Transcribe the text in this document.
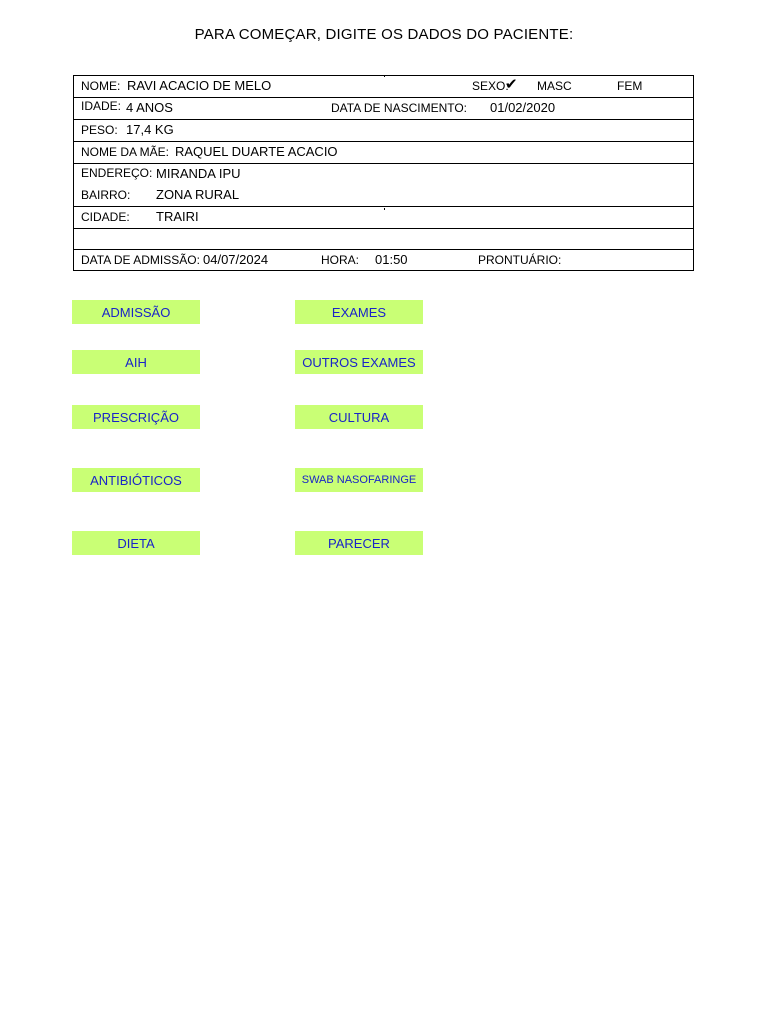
PARA COMEÇAR, DIGITE OS DADOS DO PACIENTE:
NOME: RAVI ACACIO DE MELO	SEXO:
✔ MASC	FEM
IDADE: 4 ANOS	DATA DE NASCIMENTO: 01/02/2020
PESO: 17,4 KG
NOME DA MÃE: RAQUEL DUARTE ACACIO
ENDEREÇO: MIRANDA IPU
BAIRRO: ZONA RURAL
CIDADE: TRAIRI
DATA DE ADMISSÃO: 04/07/2024	HORA: 01:50	PRONTUÁRIO:
ADMISSÃO	EXAMES
AIH	OUTROS EXAMES
PRESCRIÇÃO	CULTURA
ANTIBIÓTICOS	SWAB NASOFARINGE
DIETA	PARECER
